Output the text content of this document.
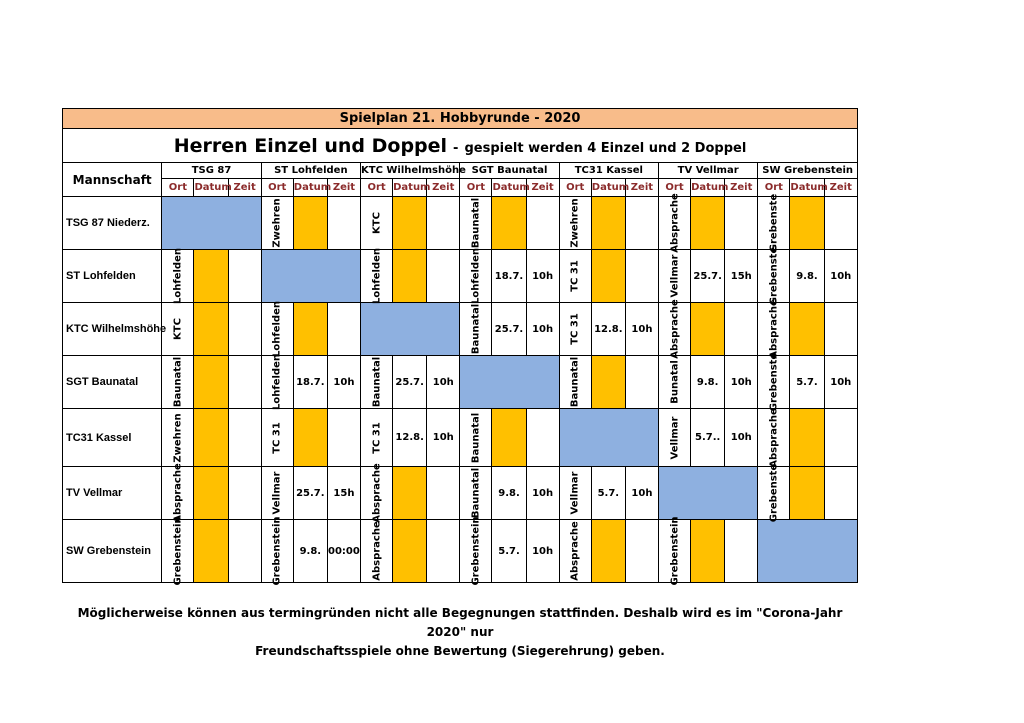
Spielplan 21. Hobbyrunde - 2020																					
Herren Einzel und Doppel - gespielt werden 4 Einzel und 2 Doppel																					
Mannschaft	TSG 87			ST Lohfelden			KTC Wilhelmshöhe			SGT Baunatal			TC31 Kassel			TV Vellmar			SW Grebenstein		
	Ort	Datum	Zeit	Ort	Datum	Zeit	Ort	Datum	Zeit	Ort	Datum	Zeit	Ort	Datum	Zeit	Ort	Datum	Zeit	Ort	Datum	Zeit
TSG 87 Niederz.				Zwehren			KTC			Baunatal			Zwehren			Absprache			Grebenste		

ST Lohfelden	Lohfelden						Lohfelden			Lohfelden	18.7.	10h	TC 31			Vellmar	25.7.	15h	Grebenste	9.8.	10h
KTC Wilhelmshöhe	KTC			Lohfelden						Baunatal	25.7.	10h	TC 31	12.8.	10h	Absprache			Absprache		

SGT Baunatal	Baunatal			Lohfelden	18.7.	10h	Baunatal	25.7.	10h				Baunatal			Bunatal	9.8.	10h	Grebenste	5.7.	10h
TC31 Kassel	Zwehren			TC 31			TC 31	12.8.	10h	Baunatal						Vellmar	5.7..	10h	Absprache		

TV Vellmar	Absprache			Vellmar	25.7.	15h	Absprache			Baunatal	9.8.	10h	Vellmar	5.7.	10h				Grebenste		

SW Grebenstein	Grebenstein			Grebenstein	9.8.	00:00	Absprache			Grebenstein	5.7.	10h	Absprache			Grebenstein					

Möglicherweise können aus termingründen nicht alle Begegnungen stattfinden. Deshalb wird es im "Corona-Jahr 2020" nur
Freundschaftsspiele ohne Bewertung (Siegerehrung) geben.
